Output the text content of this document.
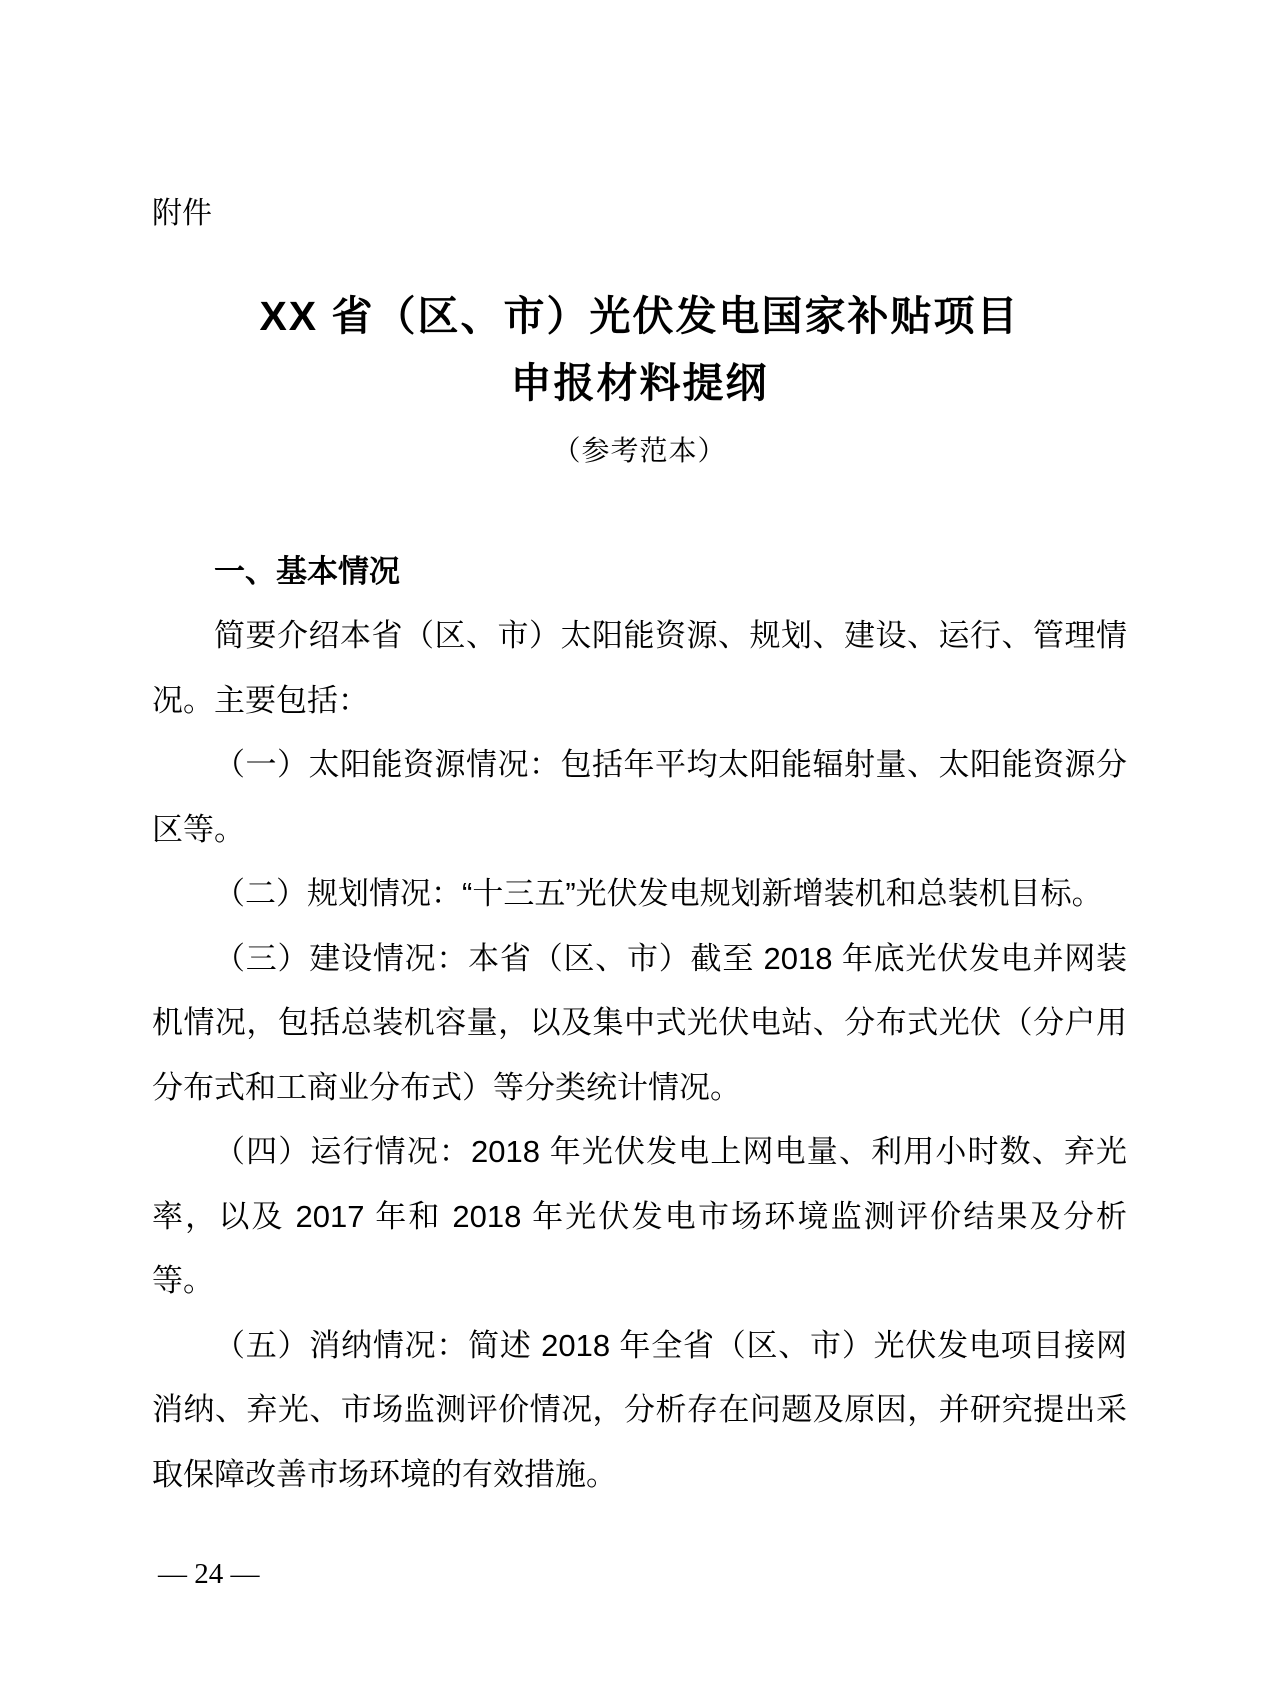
附件
XX 省（区、市）光伏发电国家补贴项目
申报材料提纲
（参考范本）

一、基本情况

简要介绍本省（区、市）太阳能资源、规划、建设、运行、管理情况。主要包括：

（一）太阳能资源情况：包括年平均太阳能辐射量、太阳能资源分区等。

（二）规划情况：“十三五”光伏发电规划新增装机和总装机目标。

（三）建设情况：本省（区、市）截至 2018 年底光伏发电并网装机情况，包括总装机容量，以及集中式光伏电站、分布式光伏（分户用分布式和工商业分布式）等分类统计情况。

（四）运行情况：2018 年光伏发电上网电量、利用小时数、弃光率，以及 2017 年和 2018 年光伏发电市场环境监测评价结果及分析等。

（五）消纳情况：简述 2018 年全省（区、市）光伏发电项目接网消纳、弃光、市场监测评价情况，分析存在问题及原因，并研究提出采取保障改善市场环境的有效措施。

— 24 —
